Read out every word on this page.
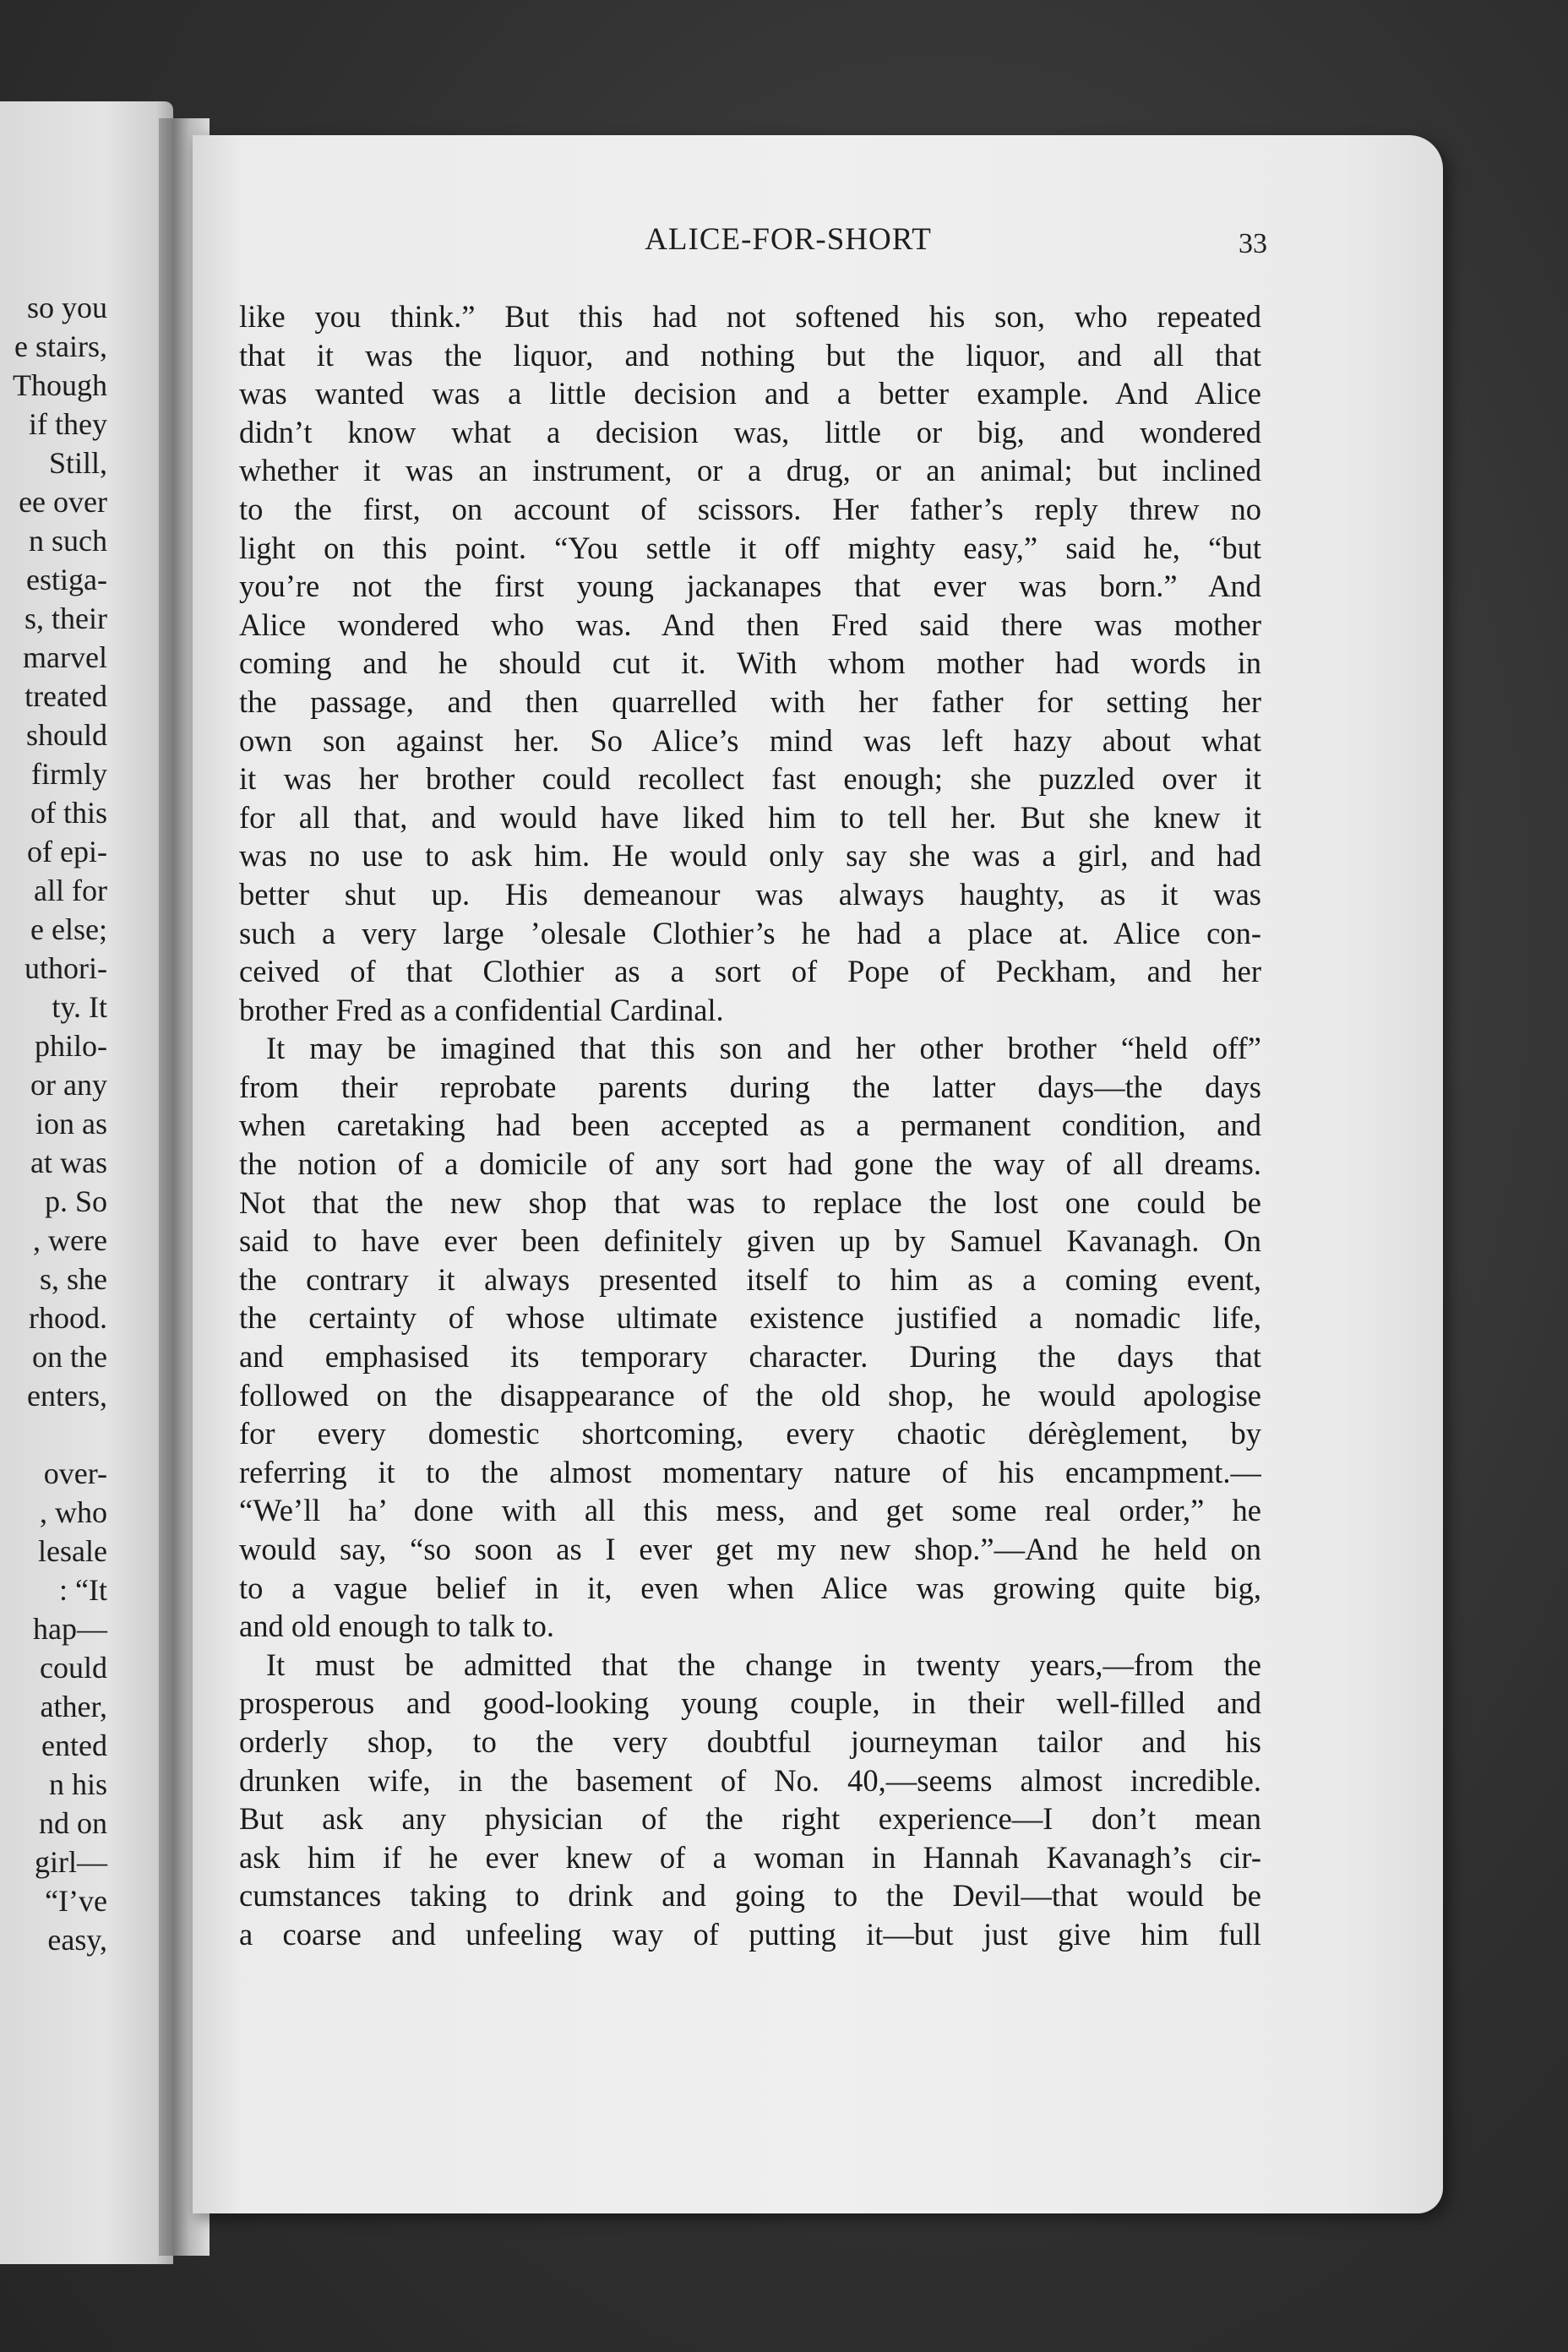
so you
e stairs,
Though
if they
Still,
ee over
n such
estiga-
s, their
marvel
treated
should
firmly
of this
of epi-
all for
e else;
uthori-
ty. It
philo-
or any
ion as
at was
p. So
, were
s, she
rhood.
on the
enters,
over-
, who
lesale
: “It
hap—
could
ather,
ented
n his
nd on
girl—
“I’ve
easy,
ALICE-FOR-SHORT	33
like you think.” But this had not softened his son, who repeated
that it was the liquor, and nothing but the liquor, and all that
was wanted was a little decision and a better example. And Alice
didn’t know what a decision was, little or big, and wondered
whether it was an instrument, or a drug, or an animal; but inclined
to the first, on account of scissors. Her father’s reply threw no
light on this point. “You settle it off mighty easy,” said he, “but
you’re not the first young jackanapes that ever was born.” And
Alice wondered who was. And then Fred said there was mother
coming and he should cut it. With whom mother had words in
the passage, and then quarrelled with her father for setting her
own son against her. So Alice’s mind was left hazy about what
it was her brother could recollect fast enough; she puzzled over it
for all that, and would have liked him to tell her. But she knew it
was no use to ask him. He would only say she was a girl, and had
better shut up. His demeanour was always haughty, as it was
such a very large ’olesale Clothier’s he had a place at. Alice con-
ceived of that Clothier as a sort of Pope of Peckham, and her
brother Fred as a confidential Cardinal.
It may be imagined that this son and her other brother “held off”
from their reprobate parents during the latter days—the days
when caretaking had been accepted as a permanent condition, and
the notion of a domicile of any sort had gone the way of all dreams.
Not that the new shop that was to replace the lost one could be
said to have ever been definitely given up by Samuel Kavanagh. On
the contrary it always presented itself to him as a coming event,
the certainty of whose ultimate existence justified a nomadic life,
and emphasised its temporary character. During the days that
followed on the disappearance of the old shop, he would apologise
for every domestic shortcoming, every chaotic dérèglement, by
referring it to the almost momentary nature of his encampment.—
“We’ll ha’ done with all this mess, and get some real order,” he
would say, “so soon as I ever get my new shop.”—And he held on
to a vague belief in it, even when Alice was growing quite big,
and old enough to talk to.
It must be admitted that the change in twenty years,—from the
prosperous and good-looking young couple, in their well-filled and
orderly shop, to the very doubtful journeyman tailor and his
drunken wife, in the basement of No. 40,—seems almost incredible.
But ask any physician of the right experience—I don’t mean
ask him if he ever knew of a woman in Hannah Kavanagh’s cir-
cumstances taking to drink and going to the Devil—that would be
a coarse and unfeeling way of putting it—but just give him full
